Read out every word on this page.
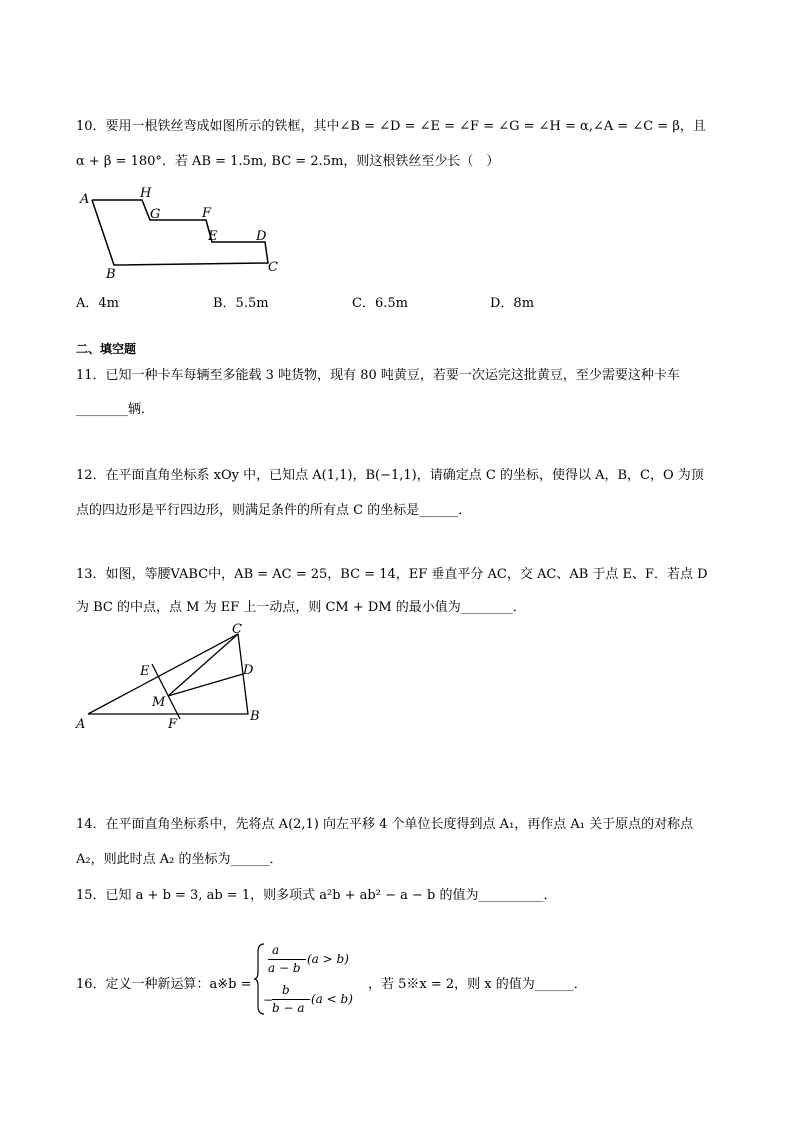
10．要用一根铁丝弯成如图所示的铁框，其中∠B = ∠D = ∠E = ∠F = ∠G = ∠H = α,∠A = ∠C = β，且
α + β = 180°．若 AB = 1.5m, BC = 2.5m，则这根铁丝至少长（　）
A	H
G	F
E	D
B	C
A．4m	B．5.5m	C．6.5m	D．8m
二、填空题
11．已知一种卡车每辆至多能载 3 吨货物，现有 80 吨黄豆，若要一次运完这批黄豆，至少需要这种卡车
________辆．
12．在平面直角坐标系 xOy 中，已知点 A(1,1)，B(−1,1)，请确定点 C 的坐标，使得以 A，B，C，O 为顶
点的四边形是平行四边形，则满足条件的所有点 C 的坐标是______．
13．如图，等腰VABC中，AB = AC = 25，BC = 14，EF 垂直平分 AC，交 AC、AB 于点 E、F．若点 D
为 BC 的中点，点 M 为 EF 上一动点，则 CM + DM 的最小值为________．
A
B
C
D
E
F
M
14．在平面直角坐标系中，先将点 A(2,1) 向左平移 4 个单位长度得到点 A₁，再作点 A₁ 关于原点的对称点
A₂，则此时点 A₂ 的坐标为______．
15．已知 a + b = 3, ab = 1，则多项式 a²b + ab² − a − b 的值为__________．
16．定义一种新运算：a※b =
a
a − b
(a > b)
−
b
b − a
(a < b)
，若 5※x = 2，则 x 的值为______．
